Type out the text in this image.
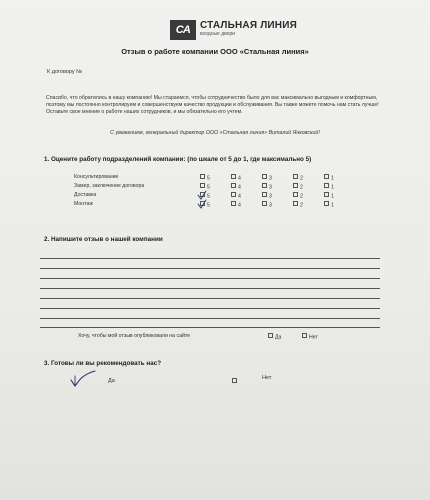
СА СТАЛЬНАЯ ЛИНИЯ
входные двери
Отзыв о работе компании ООО «Стальная линия»
К договору №
Спасибо, что обратились в нашу компанию! Мы стараемся, чтобы сотрудничество было для вас максимально выгодным и комфортным, поэтому мы постоянно контролируем и совершенствуем качество продукции и обслуживания. Вы также можете помочь нам стать лучше! Оставьте свое мнение о работе наших сотрудников, и мы обязательно его учтем.
С уважением, генеральный директор ООО «Стальная линия» Виталий Янковский!
1. Оцените работу подразделений компании: (по шкале от 5 до 1, где максимально 5)
Консультирование	5	4	3	2	1
Замер, заключение договора	5	4	3	2	1
Доставка	5	4	3	2	1
Монтаж	5	4	3	2	1
2. Напишите отзыв о нашей компании
Хочу, чтобы мой отзыв опубликовали на сайте	Да	Нет
3. Готовы ли вы рекомендовать нас?
Да	Нет
